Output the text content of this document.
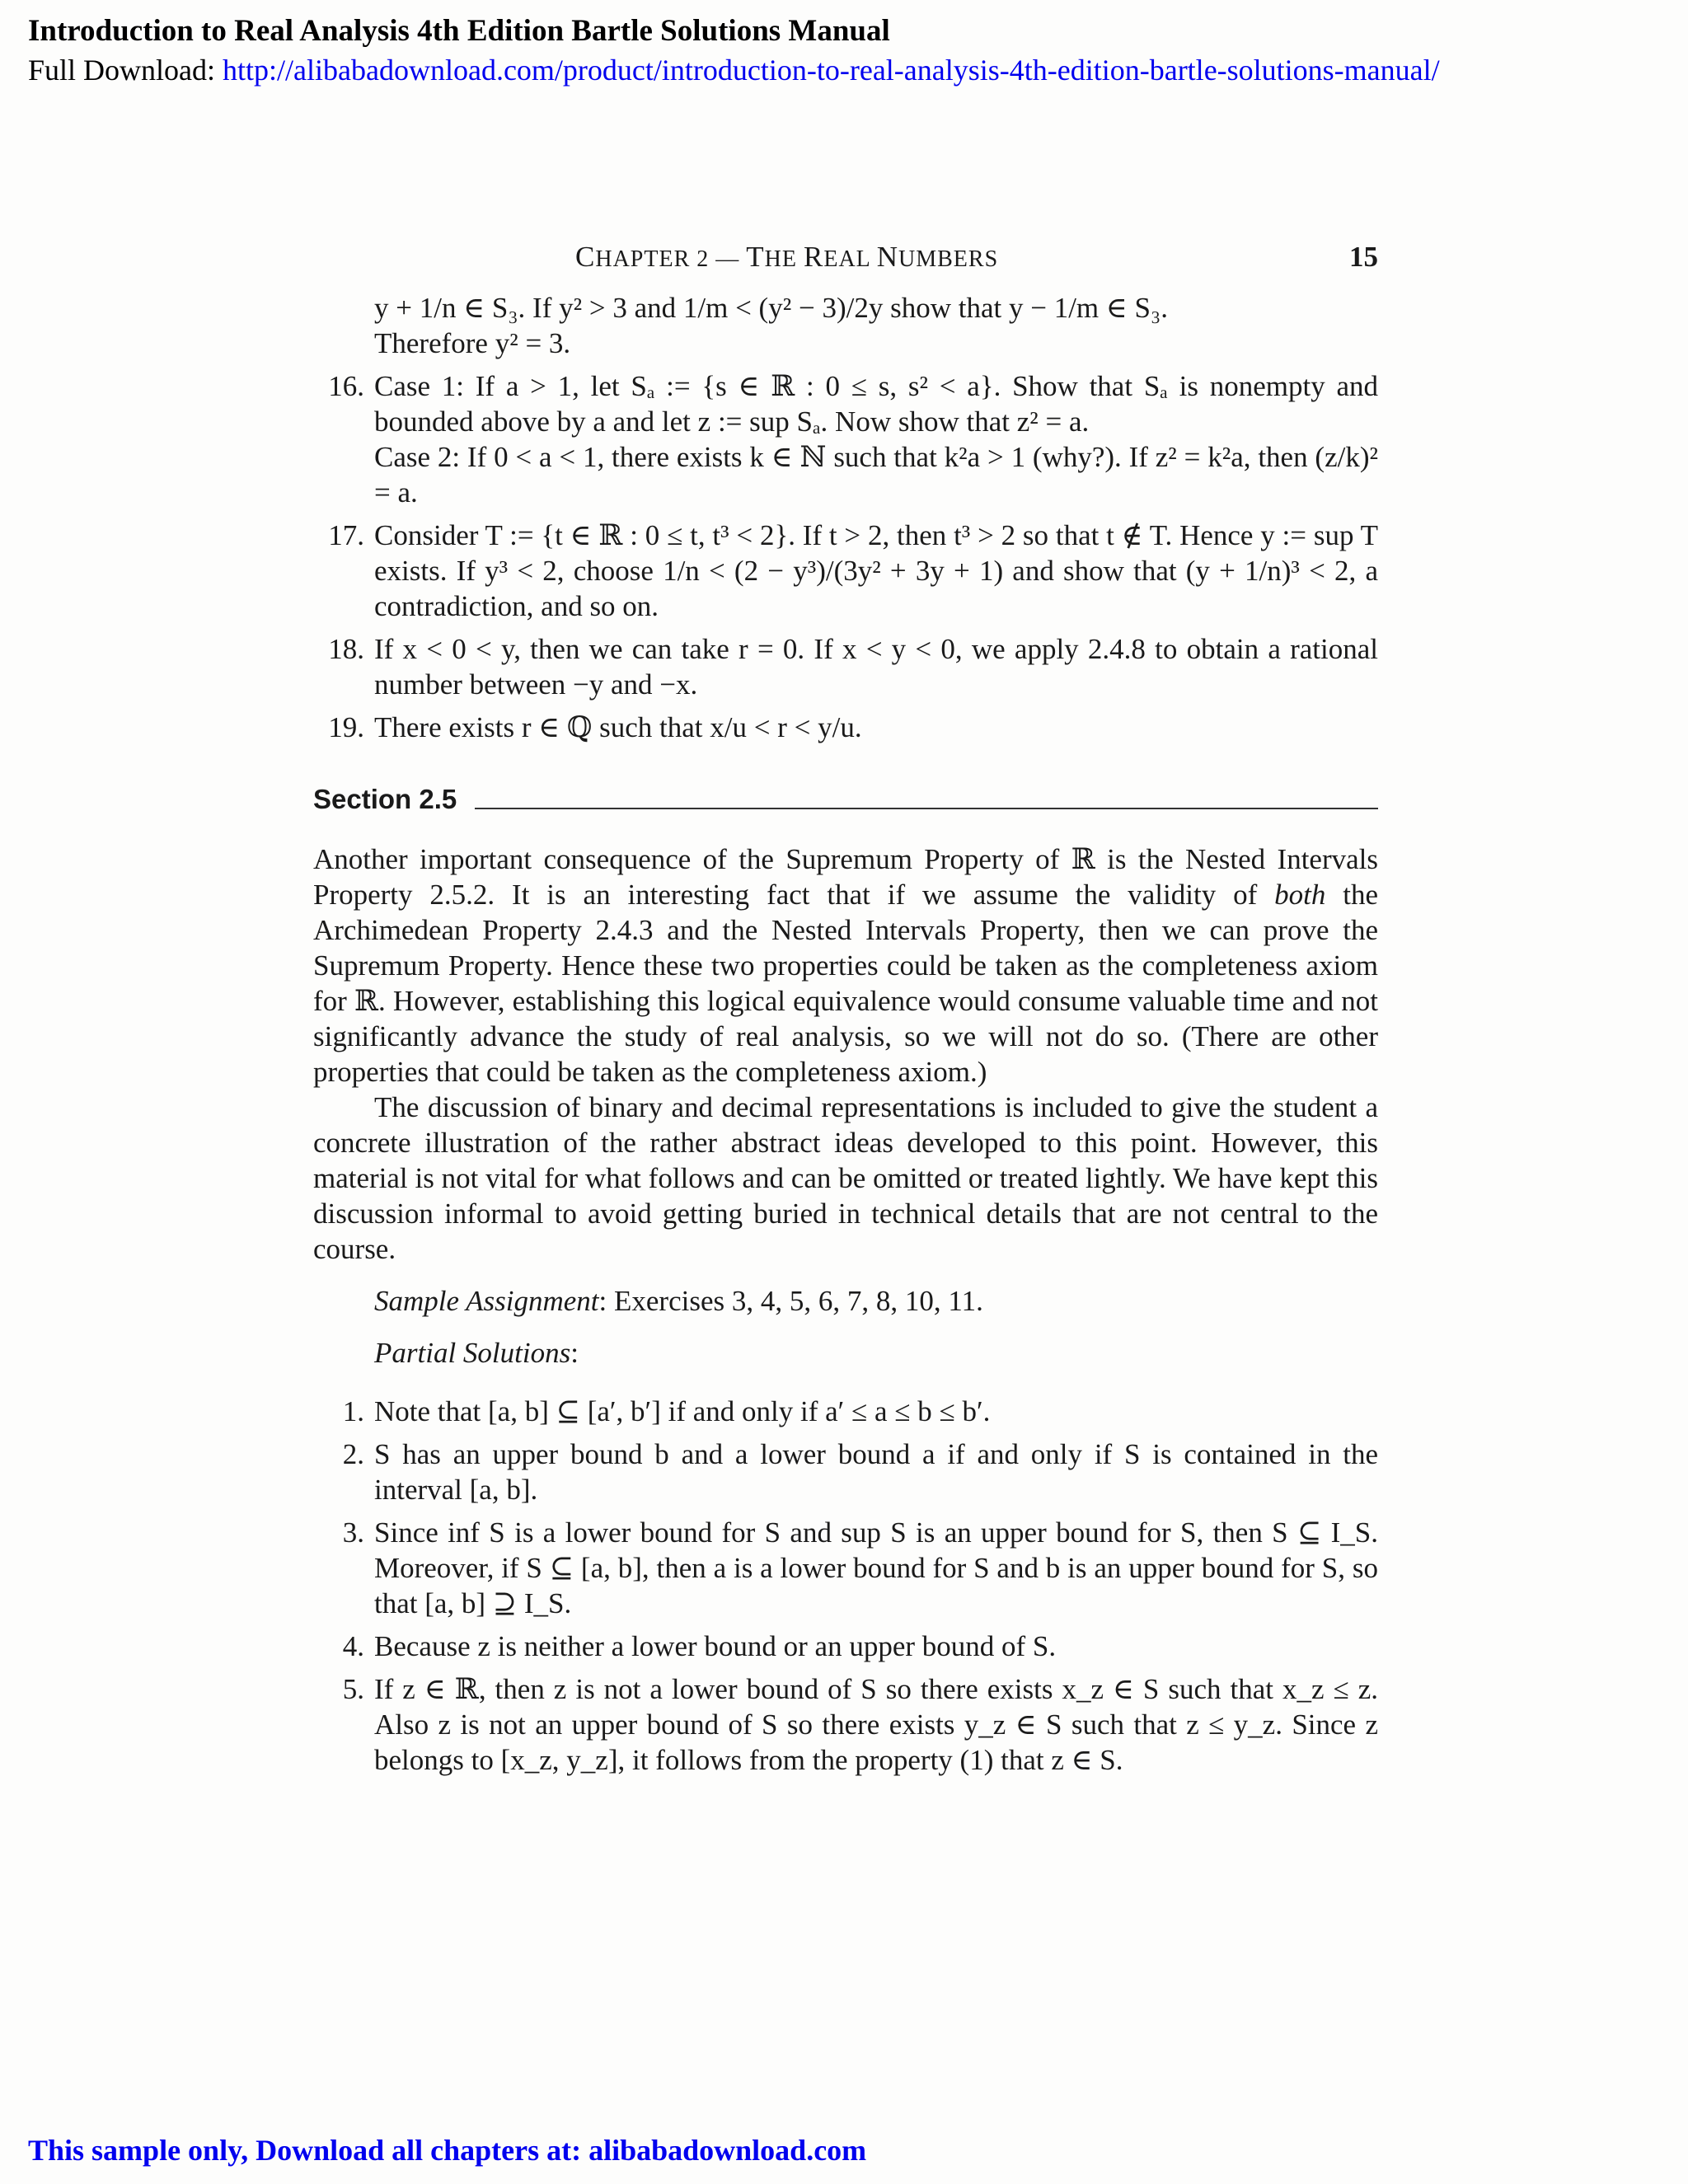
Introduction to Real Analysis 4th Edition Bartle Solutions Manual
Full Download: http://alibabadownload.com/product/introduction-to-real-analysis-4th-edition-bartle-solutions-manual/
CHAPTER 2 — THE REAL NUMBERS	15
y + 1/n ∈ S₃. If y² > 3 and 1/m < (y² − 3)/2y show that y − 1/m ∈ S₃.
Therefore y² = 3.
16. Case 1: If a > 1, let Sₐ := {s ∈ ℝ : 0 ≤ s, s² < a}. Show that Sₐ is nonempty and bounded above by a and let z := sup Sₐ. Now show that z² = a.
Case 2: If 0 < a < 1, there exists k ∈ ℕ such that k²a > 1 (why?). If z² = k²a, then (z/k)² = a.
17. Consider T := {t ∈ ℝ : 0 ≤ t, t³ < 2}. If t > 2, then t³ > 2 so that t ∉ T. Hence y := sup T exists. If y³ < 2, choose 1/n < (2 − y³)/(3y² + 3y + 1) and show that (y + 1/n)³ < 2, a contradiction, and so on.
18. If x < 0 < y, then we can take r = 0. If x < y < 0, we apply 2.4.8 to obtain a rational number between −y and −x.
19. There exists r ∈ ℚ such that x/u < r < y/u.
Section 2.5

Another important consequence of the Supremum Property of ℝ is the Nested Intervals Property 2.5.2. It is an interesting fact that if we assume the validity of both the Archimedean Property 2.4.3 and the Nested Intervals Property, then we can prove the Supremum Property. Hence these two properties could be taken as the completeness axiom for ℝ. However, establishing this logical equivalence would consume valuable time and not significantly advance the study of real analysis, so we will not do so. (There are other properties that could be taken as the completeness axiom.)

The discussion of binary and decimal representations is included to give the student a concrete illustration of the rather abstract ideas developed to this point. However, this material is not vital for what follows and can be omitted or treated lightly. We have kept this discussion informal to avoid getting buried in technical details that are not central to the course.

Sample Assignment: Exercises 3, 4, 5, 6, 7, 8, 10, 11.
Partial Solutions:
1. Note that [a, b] ⊆ [a′, b′] if and only if a′ ≤ a ≤ b ≤ b′.
2. S has an upper bound b and a lower bound a if and only if S is contained in the interval [a, b].
3. Since inf S is a lower bound for S and sup S is an upper bound for S, then S ⊆ I_S. Moreover, if S ⊆ [a, b], then a is a lower bound for S and b is an upper bound for S, so that [a, b] ⊇ I_S.
4. Because z is neither a lower bound or an upper bound of S.
5. If z ∈ ℝ, then z is not a lower bound of S so there exists x_z ∈ S such that x_z ≤ z. Also z is not an upper bound of S so there exists y_z ∈ S such that z ≤ y_z. Since z belongs to [x_z, y_z], it follows from the property (1) that z ∈ S.
This sample only, Download all chapters at: alibabadownload.com
